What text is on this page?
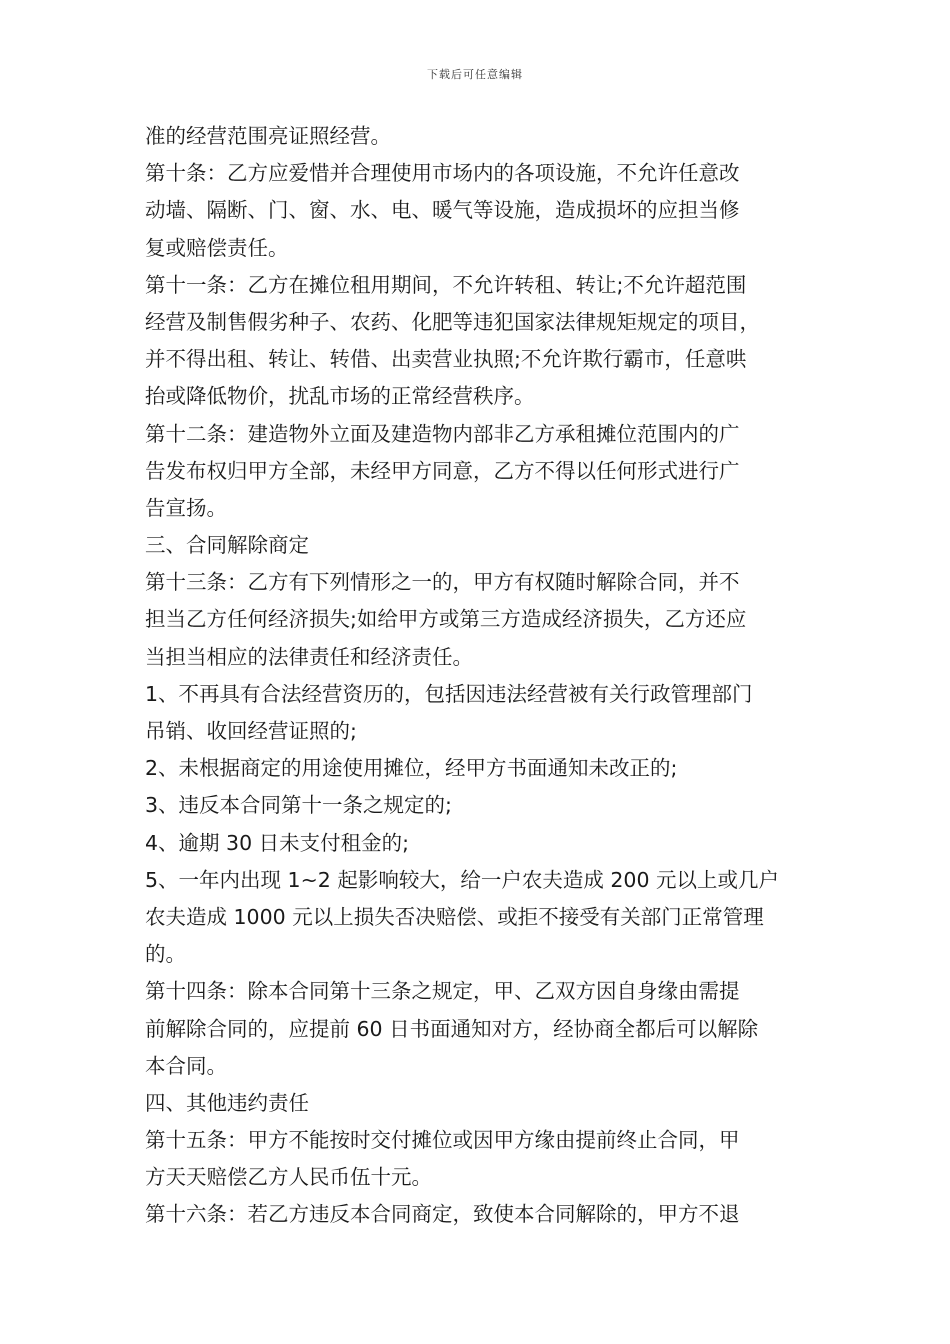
下载后可任意编辑
准的经营范围亮证照经营。
第十条：乙方应爱惜并合理使用市场内的各项设施，不允许任意改
动墙、隔断、门、窗、水、电、暖气等设施，造成损坏的应担当修
复或赔偿责任。
第十一条：乙方在摊位租用期间，不允许转租、转让;不允许超范围
经营及制售假劣种子、农药、化肥等违犯国家法律规矩规定的项目，
并不得出租、转让、转借、出卖营业执照;不允许欺行霸市，任意哄
抬或降低物价，扰乱市场的正常经营秩序。
第十二条：建造物外立面及建造物内部非乙方承租摊位范围内的广
告发布权归甲方全部，未经甲方同意，乙方不得以任何形式进行广
告宣扬。
三、合同解除商定
第十三条：乙方有下列情形之一的，甲方有权随时解除合同，并不
担当乙方任何经济损失;如给甲方或第三方造成经济损失，乙方还应
当担当相应的法律责任和经济责任。
1、不再具有合法经营资历的，包括因违法经营被有关行政管理部门
吊销、收回经营证照的;
2、未根据商定的用途使用摊位，经甲方书面通知未改正的;
3、违反本合同第十一条之规定的;
4、逾期 30 日未支付租金的;
5、一年内出现 1~2 起影响较大，给一户农夫造成 200 元以上或几户
农夫造成 1000 元以上损失否决赔偿、或拒不接受有关部门正常管理
的。
第十四条：除本合同第十三条之规定，甲、乙双方因自身缘由需提
前解除合同的，应提前 60 日书面通知对方，经协商全都后可以解除
本合同。
四、其他违约责任
第十五条：甲方不能按时交付摊位或因甲方缘由提前终止合同，甲
方天天赔偿乙方人民币伍十元。
第十六条：若乙方违反本合同商定，致使本合同解除的，甲方不退
